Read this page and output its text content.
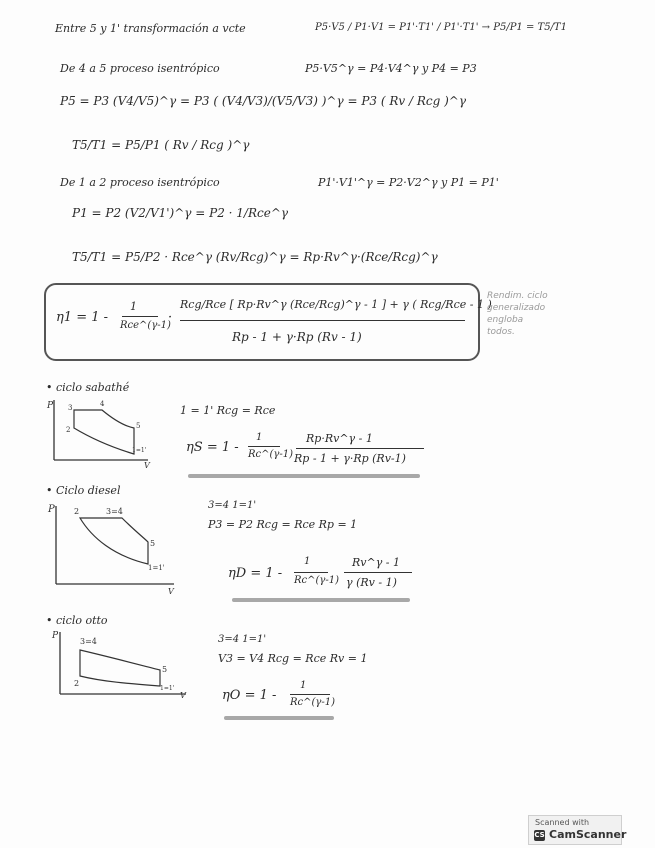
Entre 5 y 1' transformación a vcte	P5·V5 / P1·V1 = P1'·T1' / P1'·T1' → P5/P1 = T5/T1
De 4 a 5 proceso isentrópico	P5·V5^γ = P4·V4^γ y P4 = P3
P5 = P3 (V4/V5)^γ = P3 ( (V4/V3)/(V5/V3) )^γ = P3 ( Rv / Rcg )^γ
T5/T1 = P5/P1 ( Rv / Rcg )^γ
De 1 a 2 proceso isentrópico	P1'·V1'^γ = P2·V2^γ y P1 = P1'
P1 = P2 (V2/V1')^γ = P2 · 1/Rce^γ
T5/T1 = P5/P2 · Rce^γ (Rv/Rcg)^γ = Rp·Rv^γ·(Rce/Rcg)^γ
η1 = 1 -
1
Rce^(γ-1)
·
Rcg/Rce [ Rp·Rv^γ (Rce/Rcg)^γ - 1 ] + γ ( Rcg/Rce - 1 )
Rp - 1 + γ·Rp (Rv - 1)
Rendim. ciclo
generalizado
engloba
todos.
• ciclo sabathé
P
V
3	4
2	5
1=1'
1 = 1' Rcg = Rce
ηS = 1 -
1
Rc^(γ-1)
Rp·Rv^γ - 1
Rp - 1 + γ·Rp (Rv-1)
• Ciclo diesel
P
V
2	3=4
5
1=1'
3=4 1=1'
P3 = P2 Rcg = Rce Rp = 1
ηD = 1 -
1
Rc^(γ-1)
Rv^γ - 1
γ (Rv - 1)
• ciclo otto
P
V
3=4
5
2
1=1'
3=4 1=1'
V3 = V4 Rcg = Rce Rv = 1
ηO = 1 -
1
Rc^(γ-1)
Scanned with
CS CamScanner
